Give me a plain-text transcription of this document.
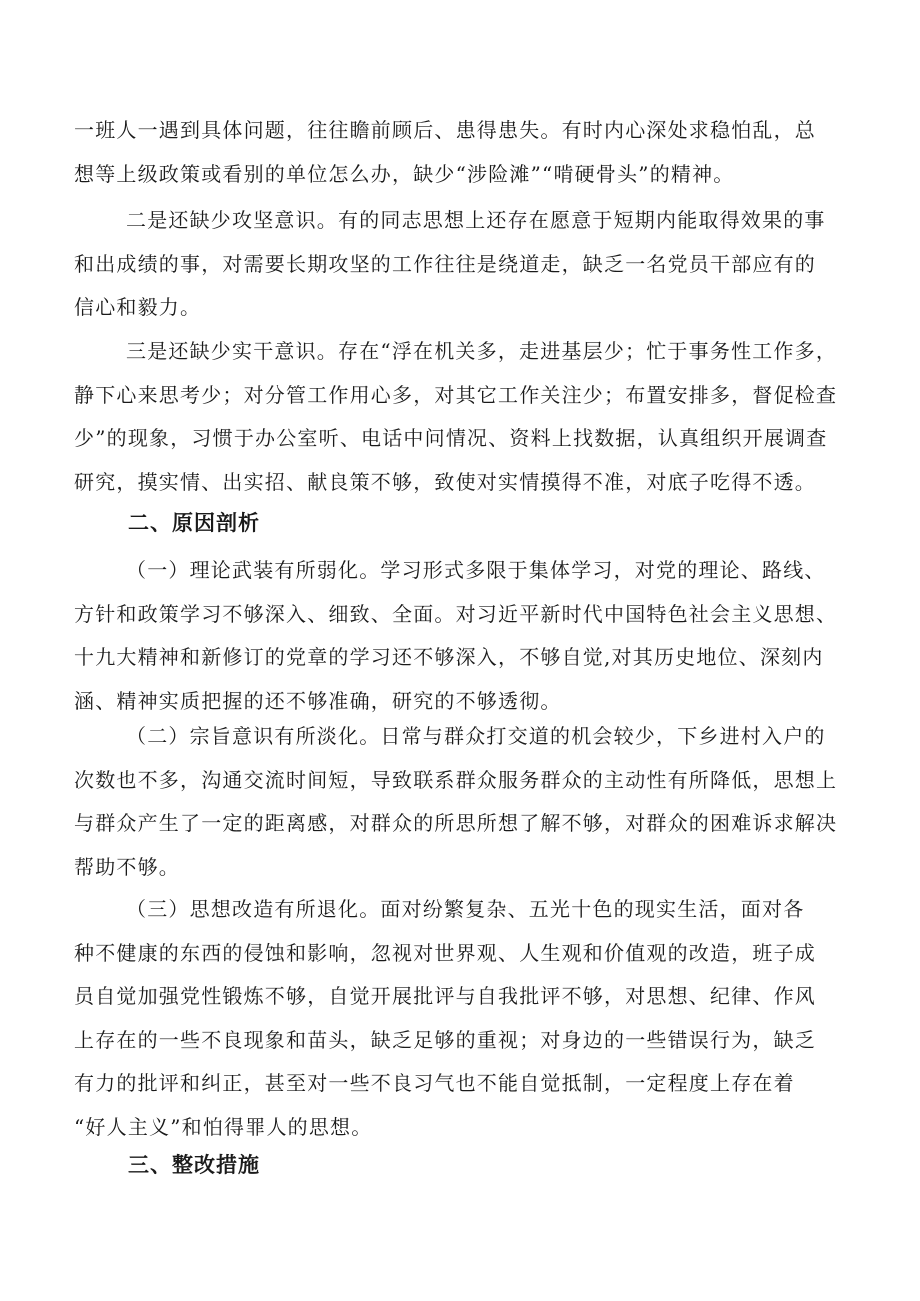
一班人一遇到具体问题，往往瞻前顾后、患得患失。有时内心深处求稳怕乱，总
想等上级政策或看别的单位怎么办，缺少“涉险滩”“啃硬骨头”的精神。
二是还缺少攻坚意识。有的同志思想上还存在愿意于短期内能取得效果的事
和出成绩的事，对需要长期攻坚的工作往往是绕道走，缺乏一名党员干部应有的
信心和毅力。
三是还缺少实干意识。存在“浮在机关多，走进基层少；忙于事务性工作多，
静下心来思考少；对分管工作用心多，对其它工作关注少；布置安排多，督促检查
少”的现象，习惯于办公室听、电话中问情况、资料上找数据，认真组织开展调查
研究，摸实情、出实招、献良策不够，致使对实情摸得不准，对底子吃得不透。
二、原因剖析
（一）理论武装有所弱化。学习形式多限于集体学习，对党的理论、路线、
方针和政策学习不够深入、细致、全面。对习近平新时代中国特色社会主义思想、
十九大精神和新修订的党章的学习还不够深入，不够自觉,对其历史地位、深刻内
涵、精神实质把握的还不够准确，研究的不够透彻。
（二）宗旨意识有所淡化。日常与群众打交道的机会较少，下乡进村入户的
次数也不多，沟通交流时间短，导致联系群众服务群众的主动性有所降低，思想上
与群众产生了一定的距离感，对群众的所思所想了解不够，对群众的困难诉求解决
帮助不够。
（三）思想改造有所退化。面对纷繁复杂、五光十色的现实生活，面对各
种不健康的东西的侵蚀和影响，忽视对世界观、人生观和价值观的改造，班子成
员自觉加强党性锻炼不够，自觉开展批评与自我批评不够，对思想、纪律、作风
上存在的一些不良现象和苗头，缺乏足够的重视；对身边的一些错误行为，缺乏
有力的批评和纠正，甚至对一些不良习气也不能自觉抵制，一定程度上存在着
“好人主义”和怕得罪人的思想。
三、整改措施
